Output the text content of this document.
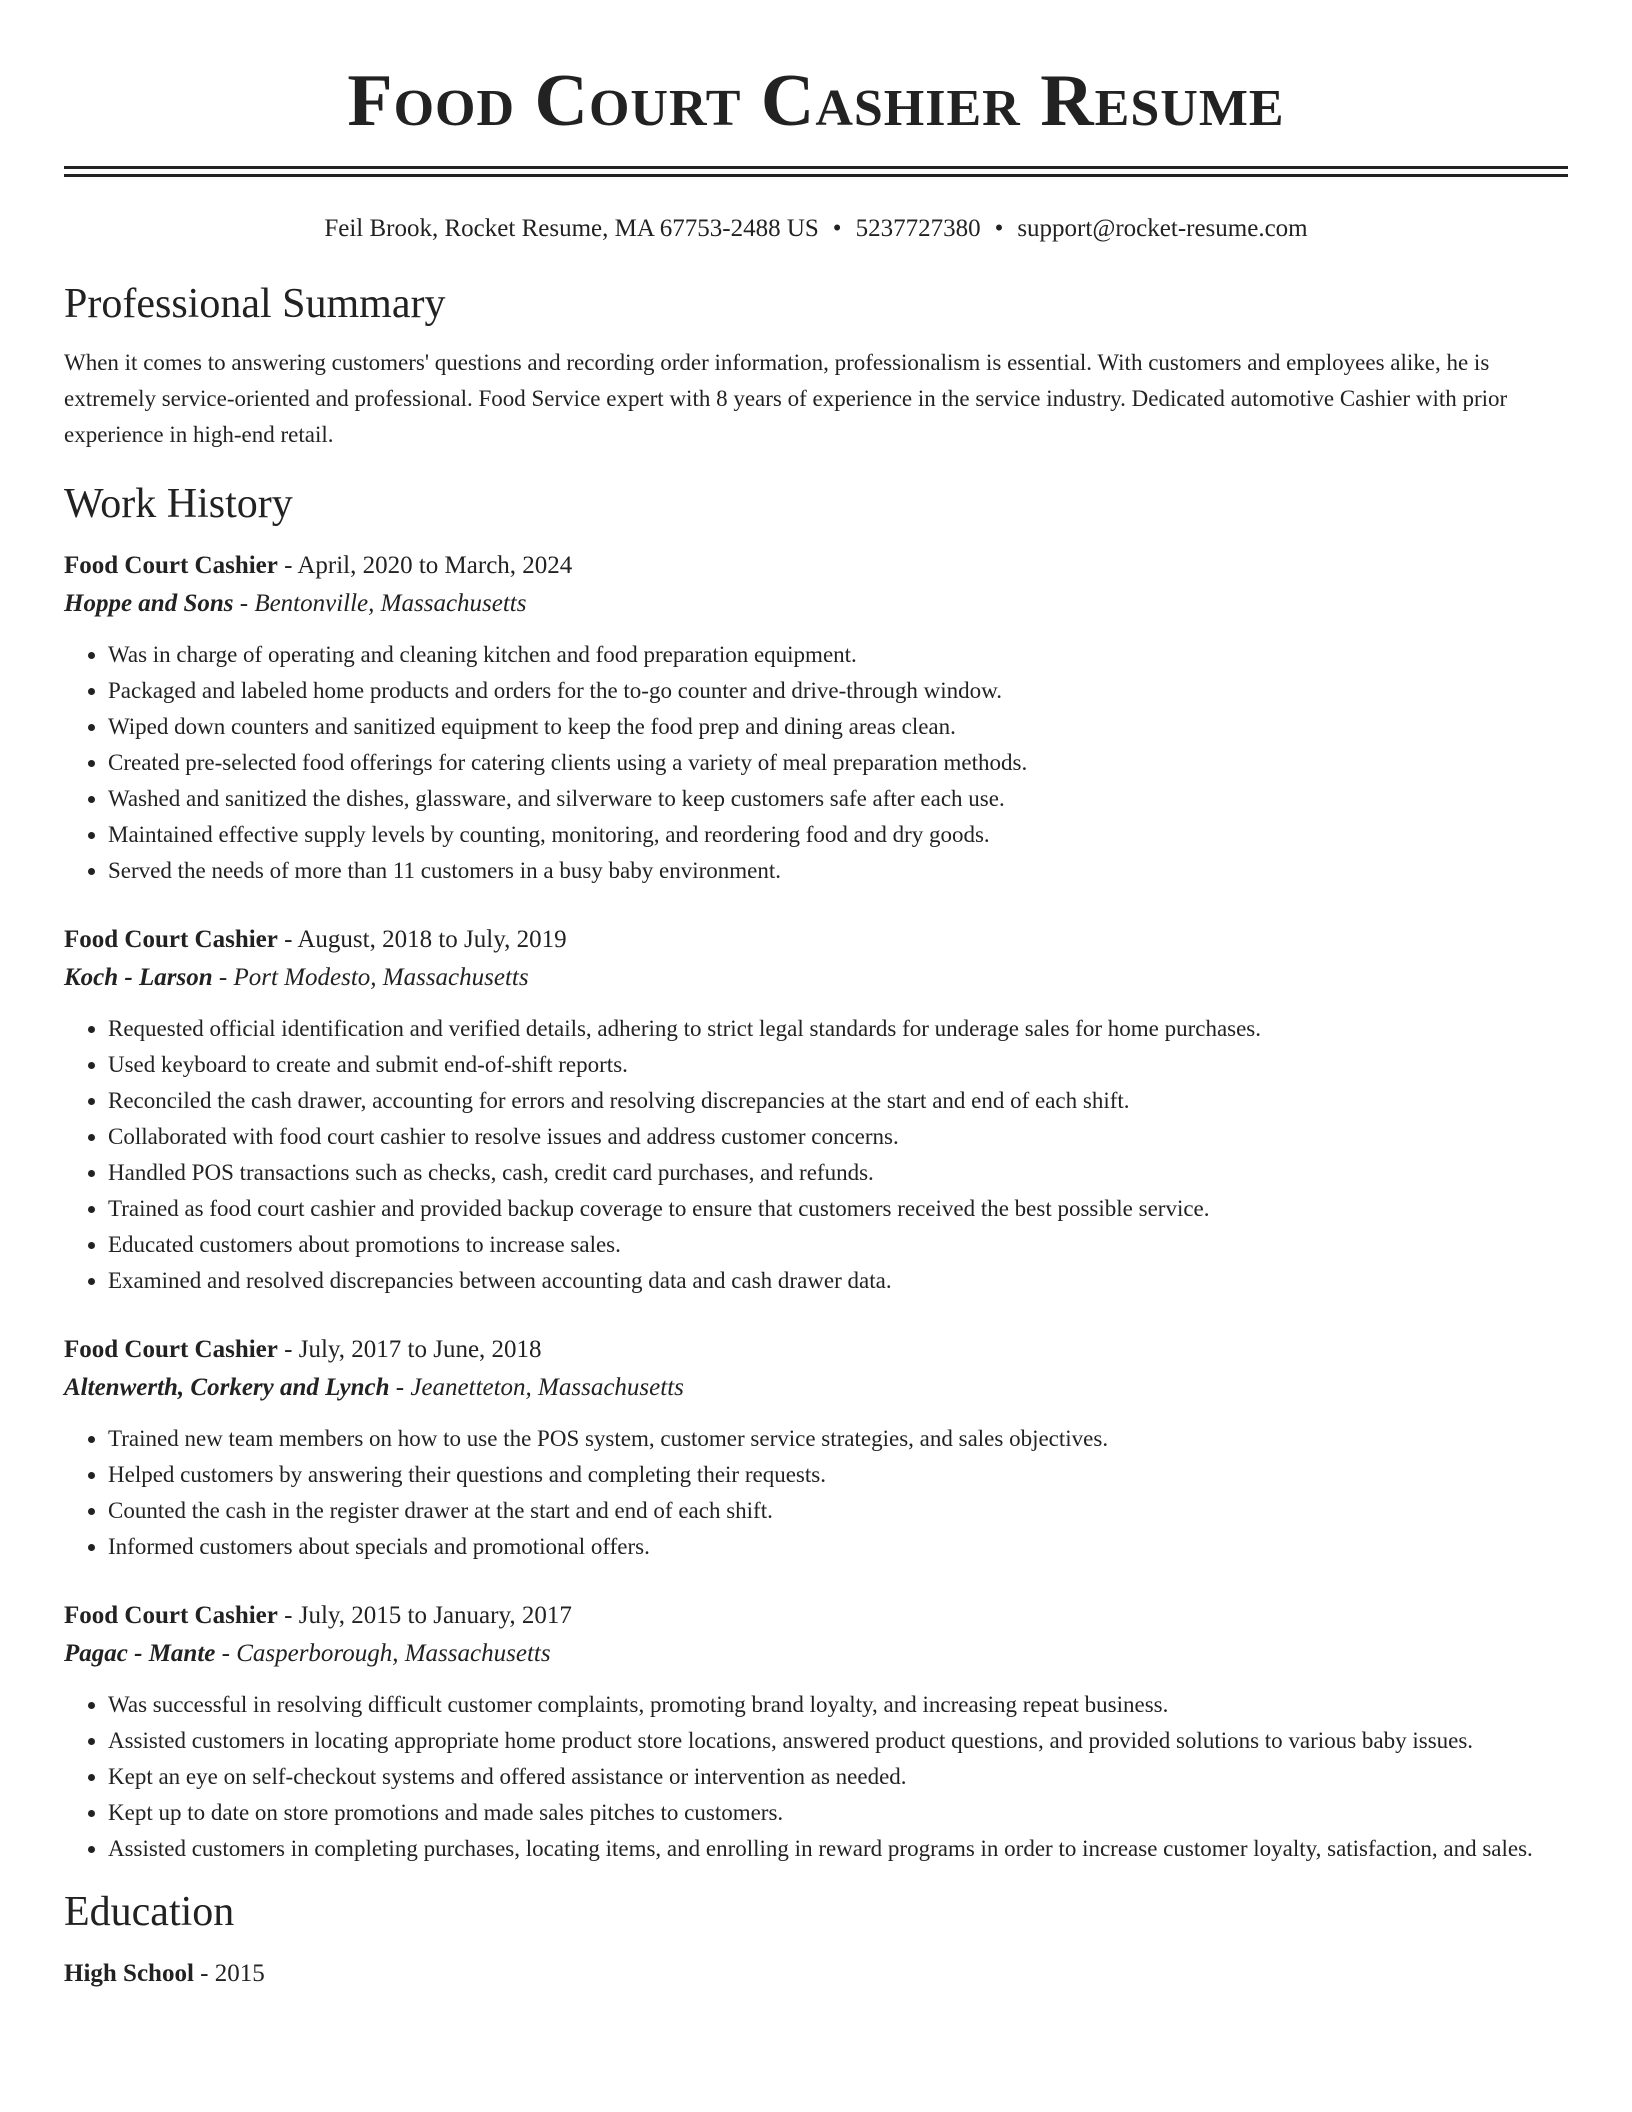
Food Court Cashier Resume
Feil Brook, Rocket Resume, MA 67753-2488 US • 5237727380 • support@rocket-resume.com
Professional Summary

When it comes to answering customers' questions and recording order information, professionalism is essential. With customers and employees alike, he is extremely service-oriented and professional. Food Service expert with 8 years of experience in the service industry. Dedicated automotive Cashier with prior experience in high-end retail.

Work History
Food Court Cashier - April, 2020 to March, 2024
Hoppe and Sons - Bentonville, Massachusetts
• Was in charge of operating and cleaning kitchen and food preparation equipment.
• Packaged and labeled home products and orders for the to-go counter and drive-through window.
• Wiped down counters and sanitized equipment to keep the food prep and dining areas clean.
• Created pre-selected food offerings for catering clients using a variety of meal preparation methods.
• Washed and sanitized the dishes, glassware, and silverware to keep customers safe after each use.
• Maintained effective supply levels by counting, monitoring, and reordering food and dry goods.
• Served the needs of more than 11 customers in a busy baby environment.
Food Court Cashier - August, 2018 to July, 2019
Koch - Larson - Port Modesto, Massachusetts
• Requested official identification and verified details, adhering to strict legal standards for underage sales for home purchases.
• Used keyboard to create and submit end-of-shift reports.
• Reconciled the cash drawer, accounting for errors and resolving discrepancies at the start and end of each shift.
• Collaborated with food court cashier to resolve issues and address customer concerns.
• Handled POS transactions such as checks, cash, credit card purchases, and refunds.
• Trained as food court cashier and provided backup coverage to ensure that customers received the best possible service.
• Educated customers about promotions to increase sales.
• Examined and resolved discrepancies between accounting data and cash drawer data.
Food Court Cashier - July, 2017 to June, 2018
Altenwerth, Corkery and Lynch - Jeanetteton, Massachusetts
• Trained new team members on how to use the POS system, customer service strategies, and sales objectives.
• Helped customers by answering their questions and completing their requests.
• Counted the cash in the register drawer at the start and end of each shift.
• Informed customers about specials and promotional offers.
Food Court Cashier - July, 2015 to January, 2017
Pagac - Mante - Casperborough, Massachusetts
• Was successful in resolving difficult customer complaints, promoting brand loyalty, and increasing repeat business.
• Assisted customers in locating appropriate home product store locations, answered product questions, and provided solutions to various baby issues.
• Kept an eye on self-checkout systems and offered assistance or intervention as needed.
• Kept up to date on store promotions and made sales pitches to customers.
• Assisted customers in completing purchases, locating items, and enrolling in reward programs in order to increase customer loyalty, satisfaction, and sales.
Education
High School - 2015
